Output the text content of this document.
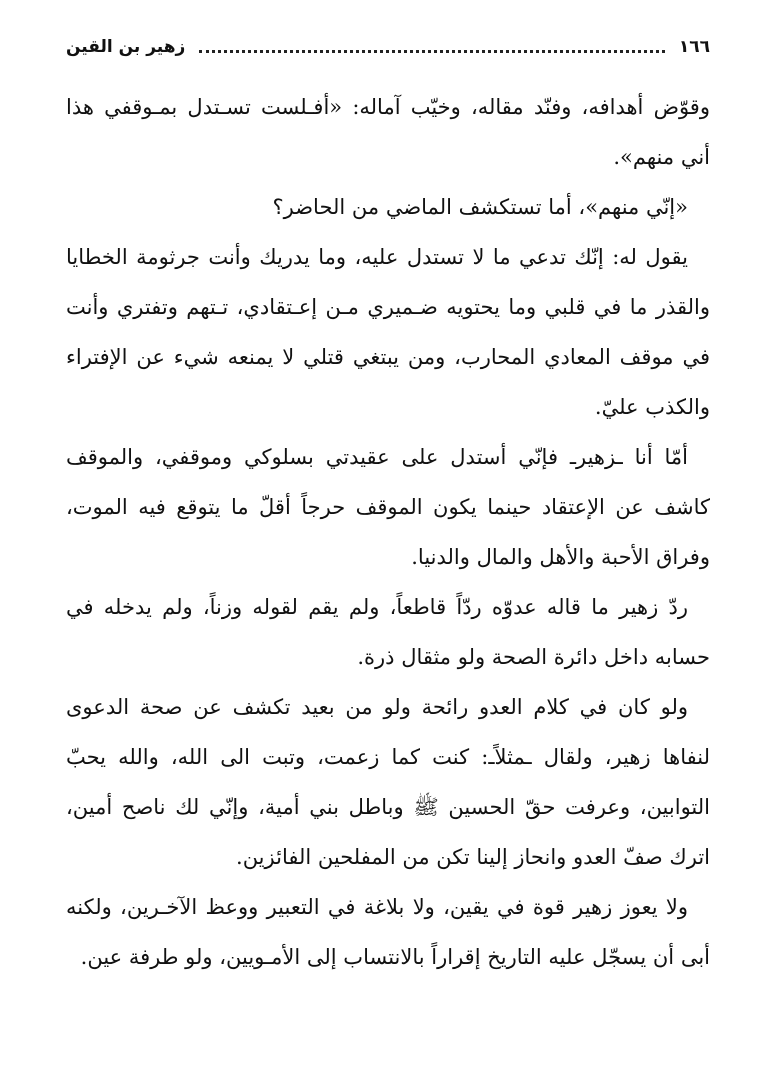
١٦٦
زهير بن القين

وقوّض أهدافه، وفنّد مقاله، وخيّب آماله: «أفـلست تسـتدل بمـوقفي هذا أني منهم».

«إنّي منهم»، أما تستكشف الماضي من الحاضر؟

يقول له: إنّك تدعي ما لا تستدل عليه، وما يدريك وأنت جرثومة الخطايا والقذر ما في قلبي وما يحتويه ضـميري مـن إعـتقادي، تـتهم وتفتري وأنت في موقف المعادي المحارب، ومن يبتغي قتلي لا يمنعه شيء عن الإفتراء والكذب عليّ.

أمّا أنا ـزهيرـ فإنّي أستدل على عقيدتي بسلوكي وموقفي، والموقف كاشف عن الإعتقاد حينما يكون الموقف حرجاً أقلّ ما يتوقع فيه الموت، وفراق الأحبة والأهل والمال والدنيا.

ردّ زهير ما قاله عدوّه ردّاً قاطعاً، ولم يقم لقوله وزناً، ولم يدخله في حسابه داخل دائرة الصحة ولو مثقال ذرة.

ولو كان في كلام العدو رائحة ولو من بعيد تكشف عن صحة الدعوى لنفاها زهير، ولقال ـمثلاًـ: كنت كما زعمت، وتبت الى الله، والله يحبّ التوابين، وعرفت حقّ الحسين ﷺ وباطل بني أمية، وإنّي لك ناصح أمين، اترك صفّ العدو وانحاز إلينا تكن من المفلحين الفائزين.

ولا يعوز زهير قوة في يقين، ولا بلاغة في التعبير ووعظ الآخـرين، ولكنه أبى أن يسجّل عليه التاريخ إقراراً بالانتساب إلى الأمـويين، ولو طرفة عين.
